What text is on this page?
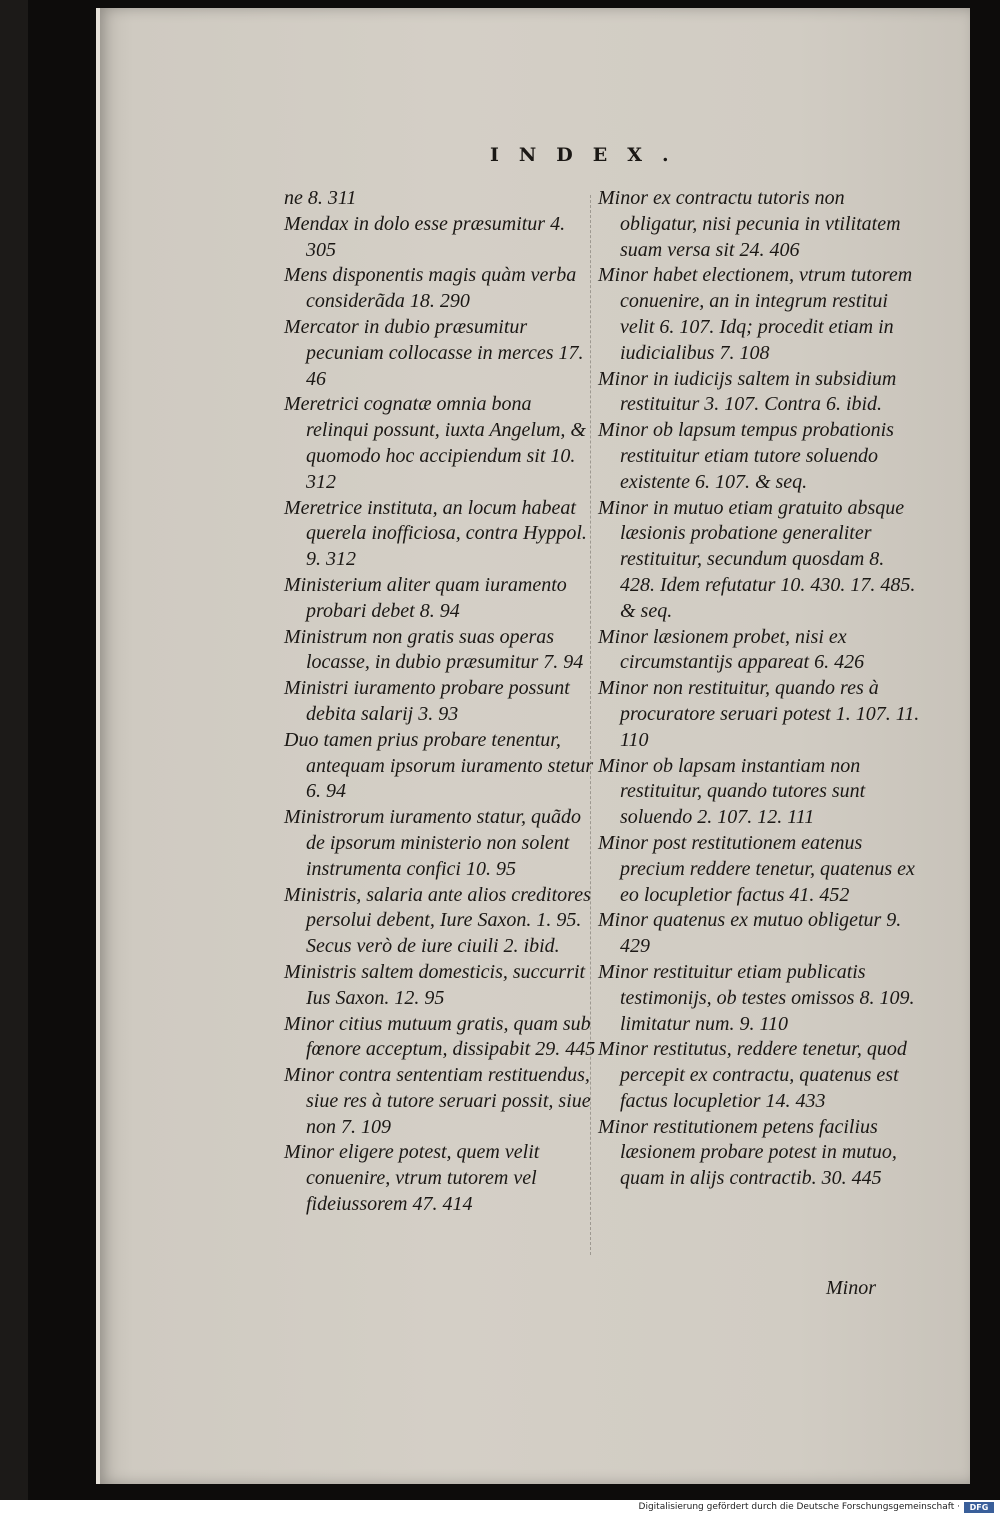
INDEX.

ne 8. 311

Mendax in dolo esse præsumitur 4. 305

Mens disponentis magis quàm verba considerãda 18. 290

Mercator in dubio præsumitur pecuniam collocasse in merces 17. 46

Meretrici cognatæ omnia bona relinqui possunt, iuxta Angelum, & quomodo hoc accipiendum sit 10. 312

Meretrice instituta, an locum habeat querela inofficiosa, contra Hyppol. 9. 312

Ministerium aliter quam iuramento probari debet 8. 94

Ministrum non gratis suas operas locasse, in dubio præsumitur 7. 94

Ministri iuramento probare possunt debita salarij 3. 93

Duo tamen prius probare tenentur, antequam ipsorum iuramento stetur 6. 94

Ministrorum iuramento statur, quãdo de ipsorum ministerio non solent instrumenta confici 10. 95

Ministris, salaria ante alios creditores persolui debent, Iure Saxon. 1. 95. Secus verò de iure ciuili 2. ibid.

Ministris saltem domesticis, succurrit Ius Saxon. 12. 95

Minor citius mutuum gratis, quam sub fœnore acceptum, dissipabit 29. 445

Minor contra sententiam restituendus, siue res à tutore seruari possit, siue non 7. 109

Minor eligere potest, quem velit conuenire, vtrum tutorem vel fideiussorem 47. 414

Minor ex contractu tutoris non obligatur, nisi pecunia in vtilitatem suam versa sit 24. 406

Minor habet electionem, vtrum tutorem conuenire, an in integrum restitui velit 6. 107. Idq; procedit etiam in iudicialibus 7. 108

Minor in iudicijs saltem in subsidium restituitur 3. 107. Contra 6. ibid.

Minor ob lapsum tempus probationis restituitur etiam tutore soluendo existente 6. 107. & seq.

Minor in mutuo etiam gratuito absque læsionis probatione generaliter restituitur, secundum quosdam 8. 428. Idem refutatur 10. 430. 17. 485. & seq.

Minor læsionem probet, nisi ex circumstantijs appareat 6. 426

Minor non restituitur, quando res à procuratore seruari potest 1. 107. 11. 110

Minor ob lapsam instantiam non restituitur, quando tutores sunt soluendo 2. 107. 12. 111

Minor post restitutionem eatenus precium reddere tenetur, quatenus ex eo locupletior factus 41. 452

Minor quatenus ex mutuo obligetur 9. 429

Minor restituitur etiam publicatis testimonijs, ob testes omissos 8. 109. limitatur num. 9. 110

Minor restitutus, reddere tenetur, quod percepit ex contractu, quatenus est factus locupletior 14. 433

Minor restitutionem petens facilius læsionem probare potest in mutuo, quam in alijs contractib. 30. 445

Minor
Digitalisierung gefördert durch die Deutsche Forschungsgemeinschaft ·	DFG
